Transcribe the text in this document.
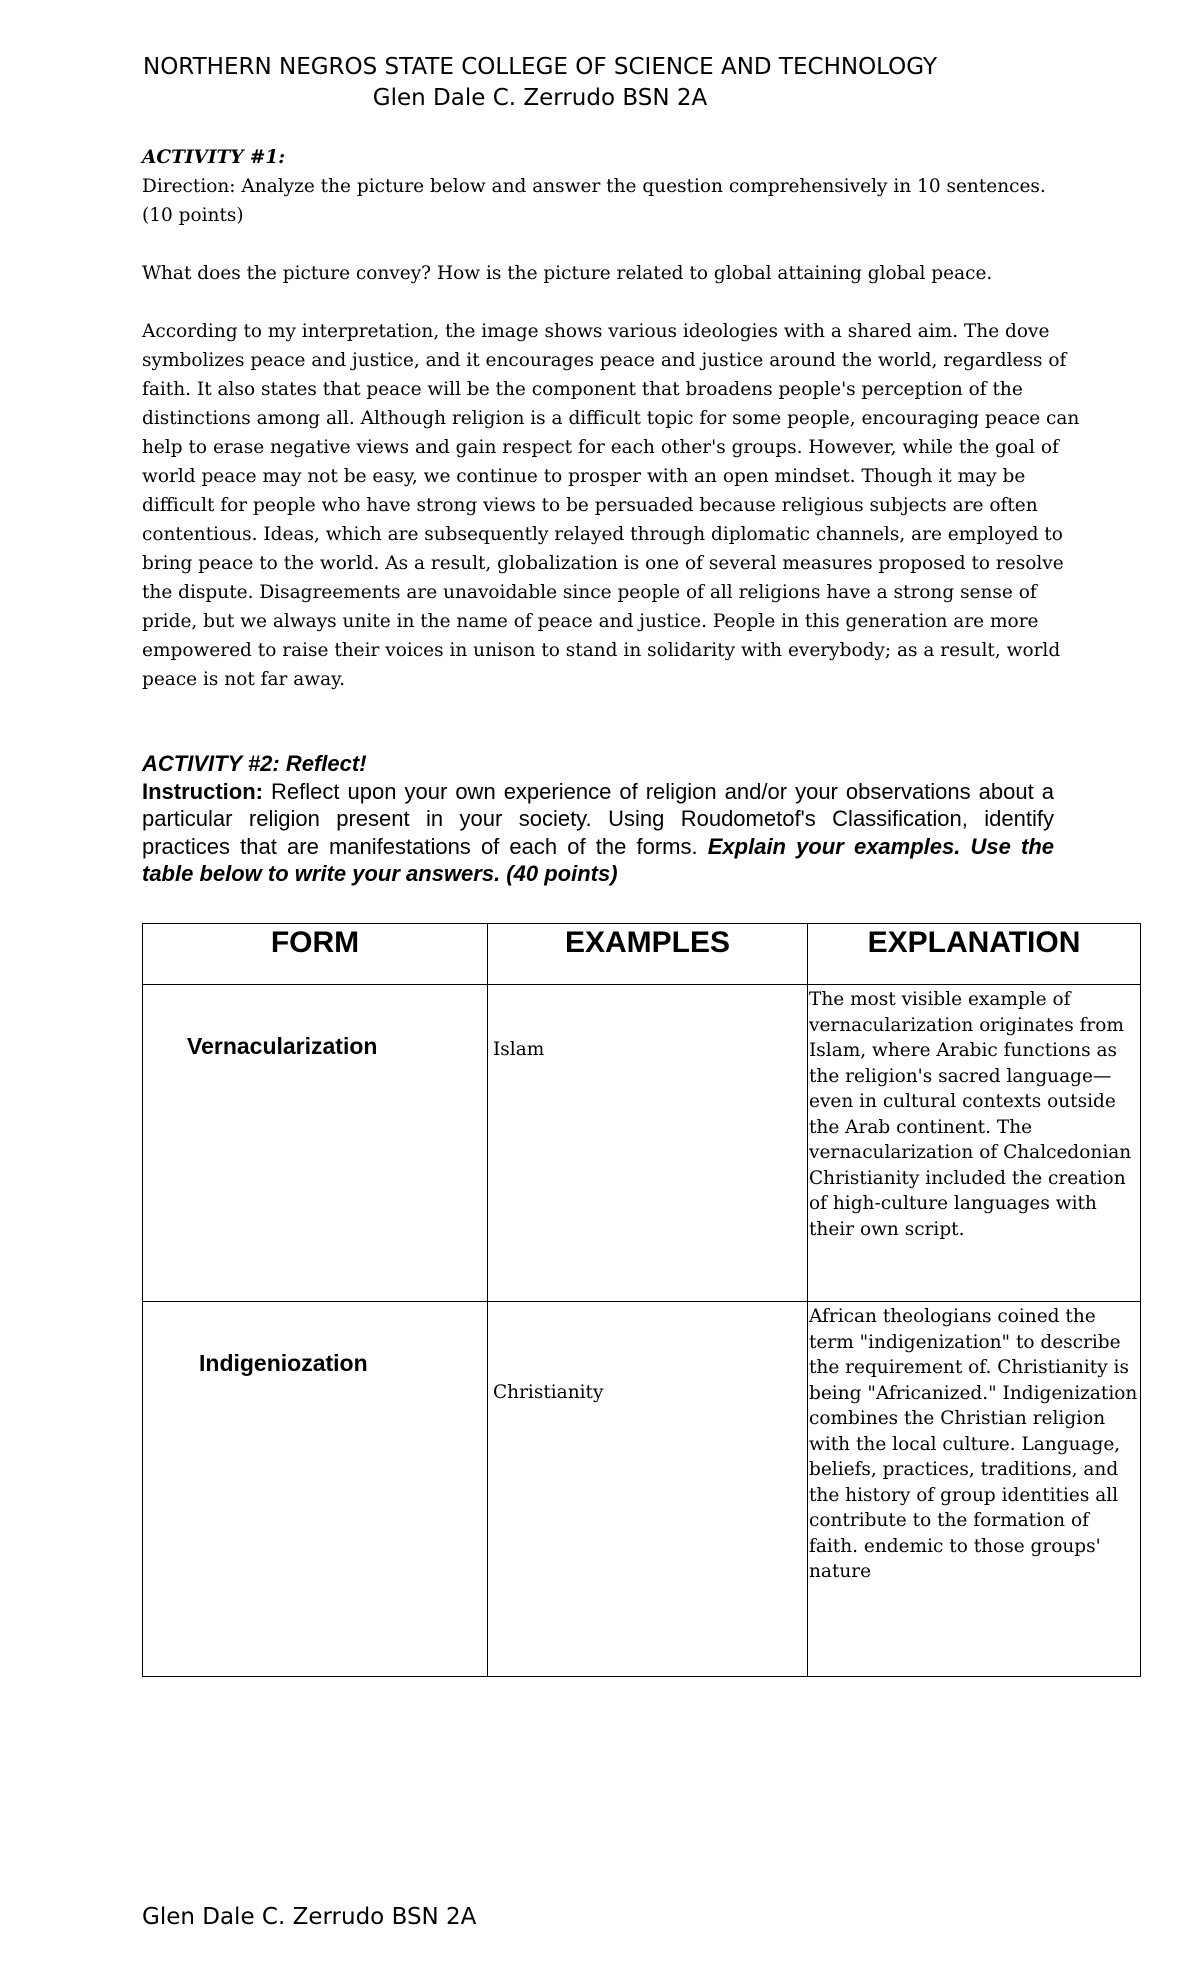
NORTHERN NEGROS STATE COLLEGE OF SCIENCE AND TECHNOLOGY
Glen Dale C. Zerrudo BSN 2A

ACTIVITY #1:

Direction: Analyze the picture below and answer the question comprehensively in 10 sentences. (10 points)

What does the picture convey? How is the picture related to global attaining global peace.

According to my interpretation, the image shows various ideologies with a shared aim. The dove symbolizes peace and justice, and it encourages peace and justice around the world, regardless of faith. It also states that peace will be the component that broadens people's perception of the distinctions among all. Although religion is a difficult topic for some people, encouraging peace can help to erase negative views and gain respect for each other's groups. However, while the goal of world peace may not be easy, we continue to prosper with an open mindset. Though it may be difficult for people who have strong views to be persuaded because religious subjects are often contentious. Ideas, which are subsequently relayed through diplomatic channels, are employed to bring peace to the world. As a result, globalization is one of several measures proposed to resolve the dispute. Disagreements are unavoidable since people of all religions have a strong sense of pride, but we always unite in the name of peace and justice. People in this generation are more empowered to raise their voices in unison to stand in solidarity with everybody; as a result, world peace is not far away.

ACTIVITY #2: Reflect!
Instruction: Reflect upon your own experience of religion and/or your observations about a particular religion present in your society. Using Roudometof's Classification, identify practices that are manifestations of each of the forms. Explain your examples. Use the table below to write your answers. (40 points)
FORM	EXAMPLES	EXPLANATION

Vernacularization	Islam	The most visible example of vernacularization originates from Islam, where Arabic functions as the religion's sacred language—even in cultural contexts outside the Arab continent. The vernacularization of Chalcedonian Christianity included the creation of high-culture languages with their own script.

Indigeniozation	Christianity	African theologians coined the term "indigenization" to describe the requirement of. Christianity is being "Africanized." Indigenization combines the Christian religion with the local culture. Language, beliefs, practices, traditions, and the history of group identities all contribute to the formation of faith. endemic to those groups' nature
Glen Dale C. Zerrudo BSN 2A
